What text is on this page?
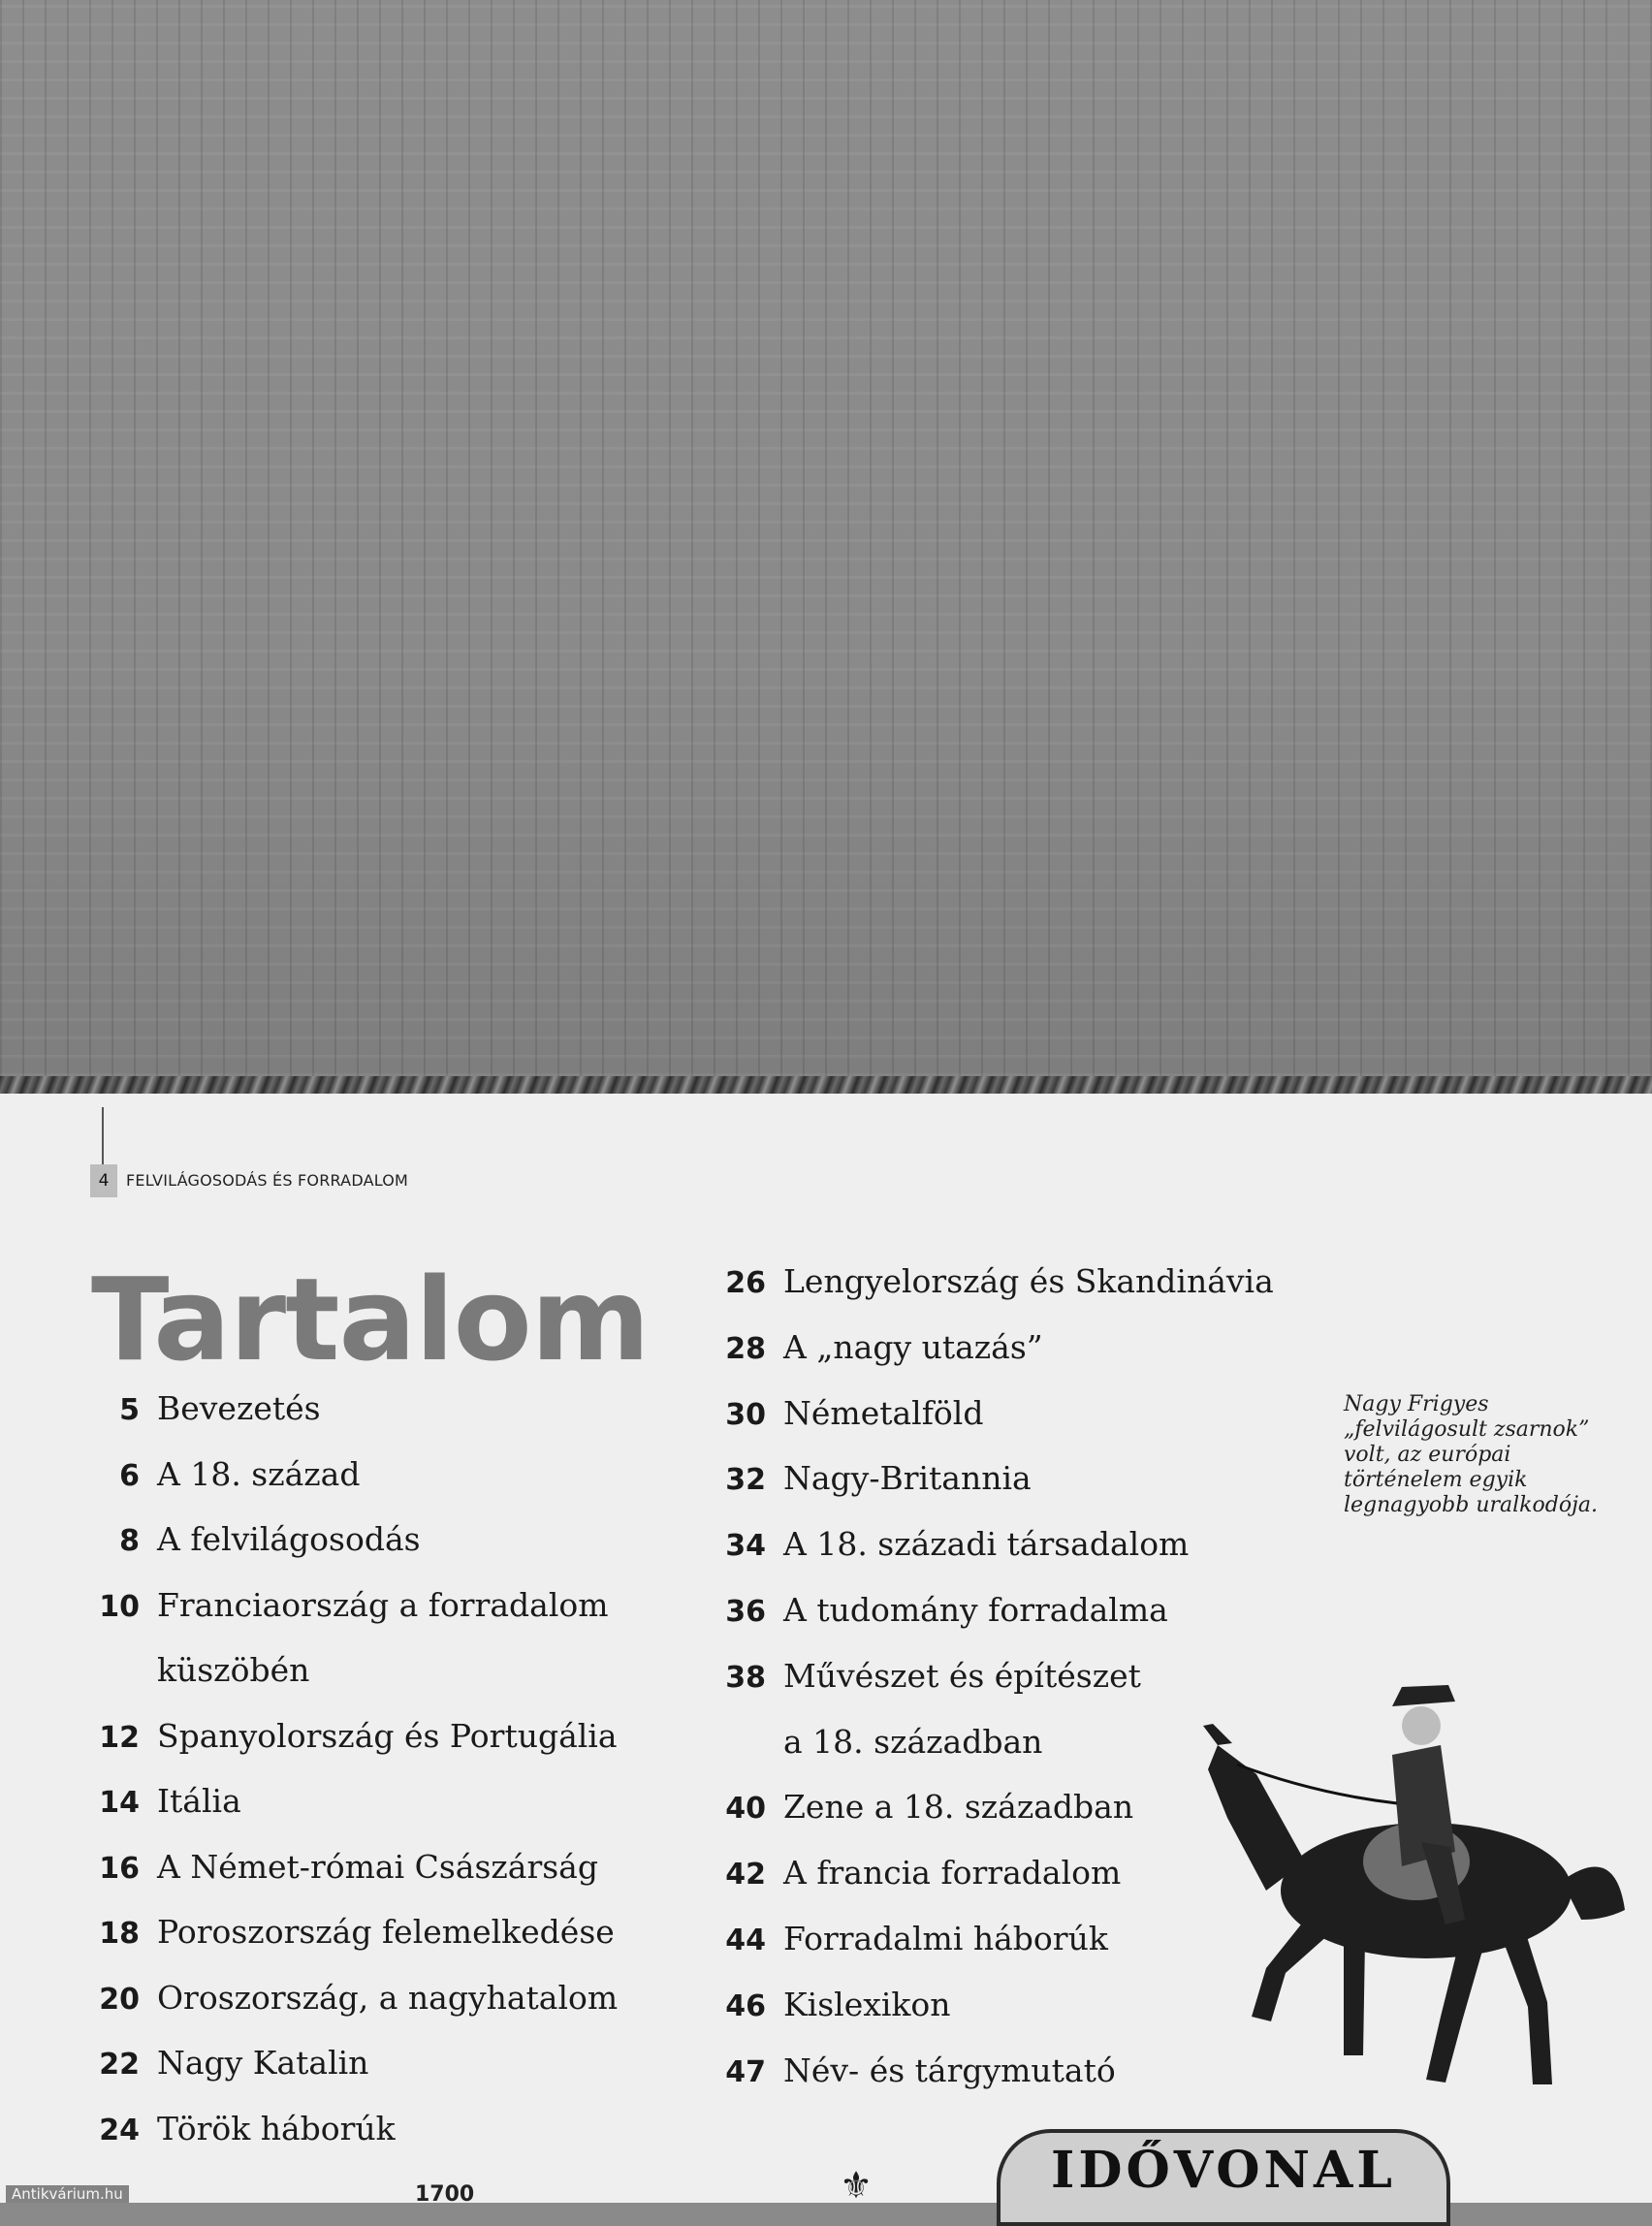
4	FELVILÁGOSODÁS ÉS FORRADALOM
Tartalom
5 Bevezetés
6 A 18. század
8 A felvilágosodás
10 Franciaország a forradalom
küszöbén
12 Spanyolország és Portugália
14 Itália
16 A Német-római Császárság
18 Poroszország felemelkedése
20 Oroszország, a nagyhatalom
22 Nagy Katalin
24 Török háborúk
26 Lengyelország és Skandinávia
28 A „nagy utazás”
30 Németalföld
32 Nagy-Britannia
34 A 18. századi társadalom
36 A tudomány forradalma
38 Művészet és építészet
a 18. században
40 Zene a 18. században
42 A francia forradalom
44 Forradalmi háborúk
46 Kislexikon
47 Név- és tárgymutató
Nagy Frigyes
„felvilágosult zsarnok”
volt, az európai
történelem egyik
legnagyobb uralkodója.
⚜
1700	IDŐVONAL
Antikvárium.hu
